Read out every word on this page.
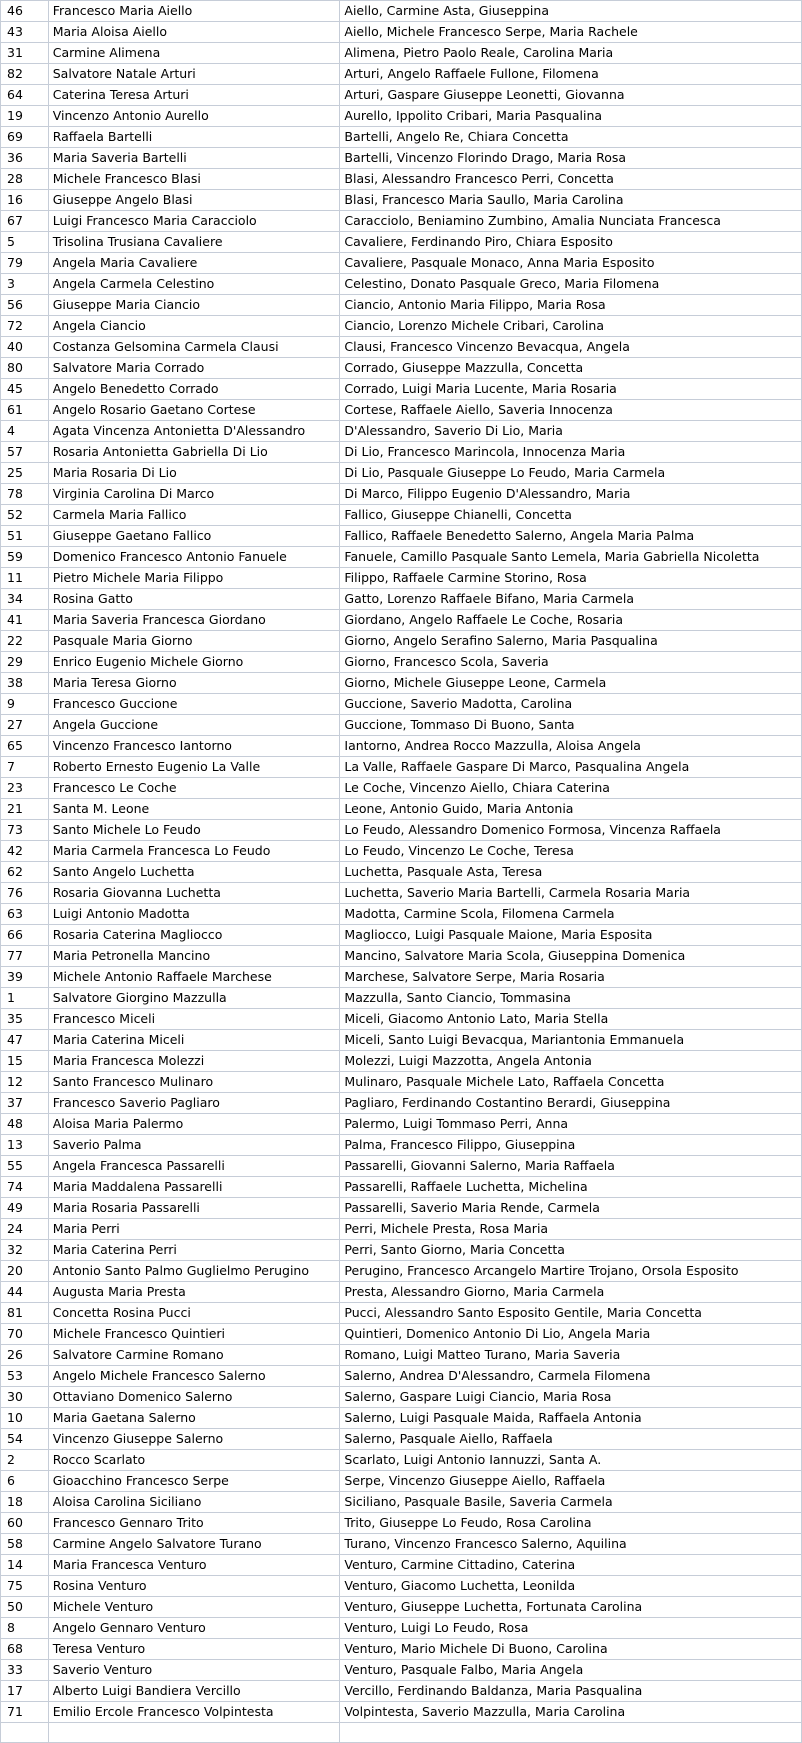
46	Francesco Maria Aiello	Aiello, Carmine Asta, Giuseppina
43	Maria Aloisa Aiello	Aiello, Michele Francesco Serpe, Maria Rachele
31	Carmine Alimena	Alimena, Pietro Paolo Reale, Carolina Maria
82	Salvatore Natale Arturi	Arturi, Angelo Raffaele Fullone, Filomena
64	Caterina Teresa Arturi	Arturi, Gaspare Giuseppe Leonetti, Giovanna
19	Vincenzo Antonio Aurello	Aurello, Ippolito Cribari, Maria Pasqualina
69	Raffaela Bartelli	Bartelli, Angelo Re, Chiara Concetta
36	Maria Saveria Bartelli	Bartelli, Vincenzo Florindo Drago, Maria Rosa
28	Michele Francesco Blasi	Blasi, Alessandro Francesco Perri, Concetta
16	Giuseppe Angelo Blasi	Blasi, Francesco Maria Saullo, Maria Carolina
67	Luigi Francesco Maria Caracciolo	Caracciolo, Beniamino Zumbino, Amalia Nunciata Francesca
5	Trisolina Trusiana Cavaliere	Cavaliere, Ferdinando Piro, Chiara Esposito
79	Angela Maria Cavaliere	Cavaliere, Pasquale Monaco, Anna Maria Esposito
3	Angela Carmela Celestino	Celestino, Donato Pasquale Greco, Maria Filomena
56	Giuseppe Maria Ciancio	Ciancio, Antonio Maria Filippo, Maria Rosa
72	Angela Ciancio	Ciancio, Lorenzo Michele Cribari, Carolina
40	Costanza Gelsomina Carmela Clausi	Clausi, Francesco Vincenzo Bevacqua, Angela
80	Salvatore Maria Corrado	Corrado, Giuseppe Mazzulla, Concetta
45	Angelo Benedetto Corrado	Corrado, Luigi Maria Lucente, Maria Rosaria
61	Angelo Rosario Gaetano Cortese	Cortese, Raffaele Aiello, Saveria Innocenza
4	Agata Vincenza Antonietta D'Alessandro	D'Alessandro, Saverio Di Lio, Maria
57	Rosaria Antonietta Gabriella Di Lio	Di Lio, Francesco Marincola, Innocenza Maria
25	Maria Rosaria Di Lio	Di Lio, Pasquale Giuseppe Lo Feudo, Maria Carmela
78	Virginia Carolina Di Marco	Di Marco, Filippo Eugenio D'Alessandro, Maria
52	Carmela Maria Fallico	Fallico, Giuseppe Chianelli, Concetta
51	Giuseppe Gaetano Fallico	Fallico, Raffaele Benedetto Salerno, Angela Maria Palma
59	Domenico Francesco Antonio Fanuele	Fanuele, Camillo Pasquale Santo Lemela, Maria Gabriella Nicoletta
11	Pietro Michele Maria Filippo	Filippo, Raffaele Carmine Storino, Rosa
34	Rosina Gatto	Gatto, Lorenzo Raffaele Bifano, Maria Carmela
41	Maria Saveria Francesca Giordano	Giordano, Angelo Raffaele Le Coche, Rosaria
22	Pasquale Maria Giorno	Giorno, Angelo Serafino Salerno, Maria Pasqualina
29	Enrico Eugenio Michele Giorno	Giorno, Francesco Scola, Saveria
38	Maria Teresa Giorno	Giorno, Michele Giuseppe Leone, Carmela
9	Francesco Guccione	Guccione, Saverio Madotta, Carolina
27	Angela Guccione	Guccione, Tommaso Di Buono, Santa
65	Vincenzo Francesco Iantorno	Iantorno, Andrea Rocco Mazzulla, Aloisa Angela
7	Roberto Ernesto Eugenio La Valle	La Valle, Raffaele Gaspare Di Marco, Pasqualina Angela
23	Francesco Le Coche	Le Coche, Vincenzo Aiello, Chiara Caterina
21	Santa M. Leone	Leone, Antonio Guido, Maria Antonia
73	Santo Michele Lo Feudo	Lo Feudo, Alessandro Domenico Formosa, Vincenza Raffaela
42	Maria Carmela Francesca Lo Feudo	Lo Feudo, Vincenzo Le Coche, Teresa
62	Santo Angelo Luchetta	Luchetta, Pasquale Asta, Teresa
76	Rosaria Giovanna Luchetta	Luchetta, Saverio Maria Bartelli, Carmela Rosaria Maria
63	Luigi Antonio Madotta	Madotta, Carmine Scola, Filomena Carmela
66	Rosaria Caterina Magliocco	Magliocco, Luigi Pasquale Maione, Maria Esposita
77	Maria Petronella Mancino	Mancino, Salvatore Maria Scola, Giuseppina Domenica
39	Michele Antonio Raffaele Marchese	Marchese, Salvatore Serpe, Maria Rosaria
1	Salvatore Giorgino Mazzulla	Mazzulla, Santo Ciancio, Tommasina
35	Francesco Miceli	Miceli, Giacomo Antonio Lato, Maria Stella
47	Maria Caterina Miceli	Miceli, Santo Luigi Bevacqua, Mariantonia Emmanuela
15	Maria Francesca Molezzi	Molezzi, Luigi Mazzotta, Angela Antonia
12	Santo Francesco Mulinaro	Mulinaro, Pasquale Michele Lato, Raffaela Concetta
37	Francesco Saverio Pagliaro	Pagliaro, Ferdinando Costantino Berardi, Giuseppina
48	Aloisa Maria Palermo	Palermo, Luigi Tommaso Perri, Anna
13	Saverio Palma	Palma, Francesco Filippo, Giuseppina
55	Angela Francesca Passarelli	Passarelli, Giovanni Salerno, Maria Raffaela
74	Maria Maddalena Passarelli	Passarelli, Raffaele Luchetta, Michelina
49	Maria Rosaria Passarelli	Passarelli, Saverio Maria Rende, Carmela
24	Maria Perri	Perri, Michele Presta, Rosa Maria
32	Maria Caterina Perri	Perri, Santo Giorno, Maria Concetta
20	Antonio Santo Palmo Guglielmo Perugino	Perugino, Francesco Arcangelo Martire Trojano, Orsola Esposito
44	Augusta Maria Presta	Presta, Alessandro Giorno, Maria Carmela
81	Concetta Rosina Pucci	Pucci, Alessandro Santo Esposito Gentile, Maria Concetta
70	Michele Francesco Quintieri	Quintieri, Domenico Antonio Di Lio, Angela Maria
26	Salvatore Carmine Romano	Romano, Luigi Matteo Turano, Maria Saveria
53	Angelo Michele Francesco Salerno	Salerno, Andrea D'Alessandro, Carmela Filomena
30	Ottaviano Domenico Salerno	Salerno, Gaspare Luigi Ciancio, Maria Rosa
10	Maria Gaetana Salerno	Salerno, Luigi Pasquale Maida, Raffaela Antonia
54	Vincenzo Giuseppe Salerno	Salerno, Pasquale Aiello, Raffaela
2	Rocco Scarlato	Scarlato, Luigi Antonio Iannuzzi, Santa A.
6	Gioacchino Francesco Serpe	Serpe, Vincenzo Giuseppe Aiello, Raffaela
18	Aloisa Carolina Siciliano	Siciliano, Pasquale Basile, Saveria Carmela
60	Francesco Gennaro Trito	Trito, Giuseppe Lo Feudo, Rosa Carolina
58	Carmine Angelo Salvatore Turano	Turano, Vincenzo Francesco Salerno, Aquilina
14	Maria Francesca Venturo	Venturo, Carmine Cittadino, Caterina
75	Rosina Venturo	Venturo, Giacomo Luchetta, Leonilda
50	Michele Venturo	Venturo, Giuseppe Luchetta, Fortunata Carolina
8	Angelo Gennaro Venturo	Venturo, Luigi Lo Feudo, Rosa
68	Teresa Venturo	Venturo, Mario Michele Di Buono, Carolina
33	Saverio Venturo	Venturo, Pasquale Falbo, Maria Angela
17	Alberto Luigi Bandiera Vercillo	Vercillo, Ferdinando Baldanza, Maria Pasqualina
71	Emilio Ercole Francesco Volpintesta	Volpintesta, Saverio Mazzulla, Maria Carolina
